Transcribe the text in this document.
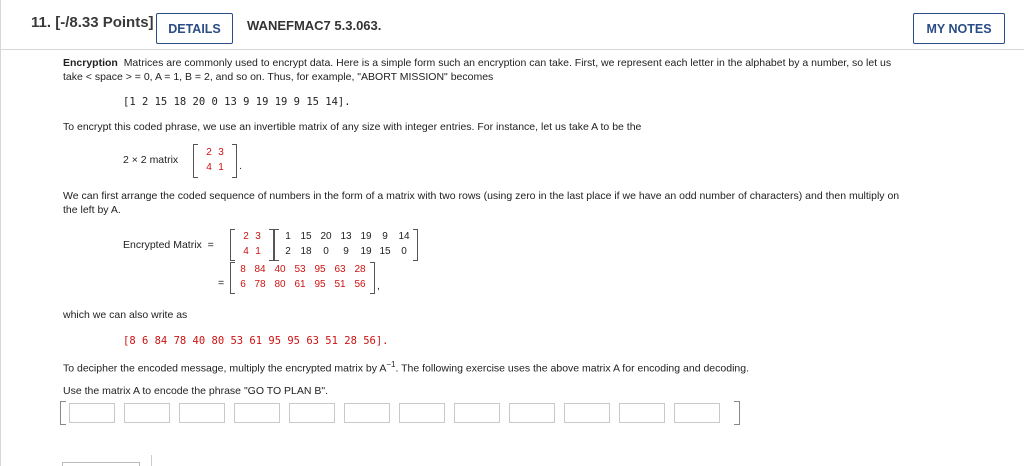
11. [-/8.33 Points]	DETAILS	WANEFMAC7 5.3.063.	MY NOTES
Encryption Matrices are commonly used to encrypt data. Here is a simple form such an encryption can take. First, we represent each letter in the alphabet by a number, so let us
take < space > = 0, A = 1, B = 2, and so on. Thus, for example, "ABORT MISSION" becomes
[1 2 15 18 20 0 13 9 19 19 9 15 14].
To encrypt this coded phrase, we use an invertible matrix of any size with integer entries. For instance, let us take A to be the
2 × 2 matrix
2 3
4 1	.
We can first arrange the coded sequence of numbers in the form of a matrix with two rows (using zero in the last place if we have an odd number of characters) and then multiply on
the left by A.
Encrypted Matrix =
2 3
4 1
1 15 20 13 19 9 14
2 18 0 9 19 15 0
=
8 84 40 53 95 63 28
6 78 80 61 95 51 56	,
which we can also write as
[8 6 84 78 40 80 53 61 95 95 63 51 28 56].
To decipher the encoded message, multiply the encrypted matrix by $A^{-1}$. The following exercise uses the above matrix A for encoding and decoding.
Use the matrix A to encode the phrase "GO TO PLAN B".
